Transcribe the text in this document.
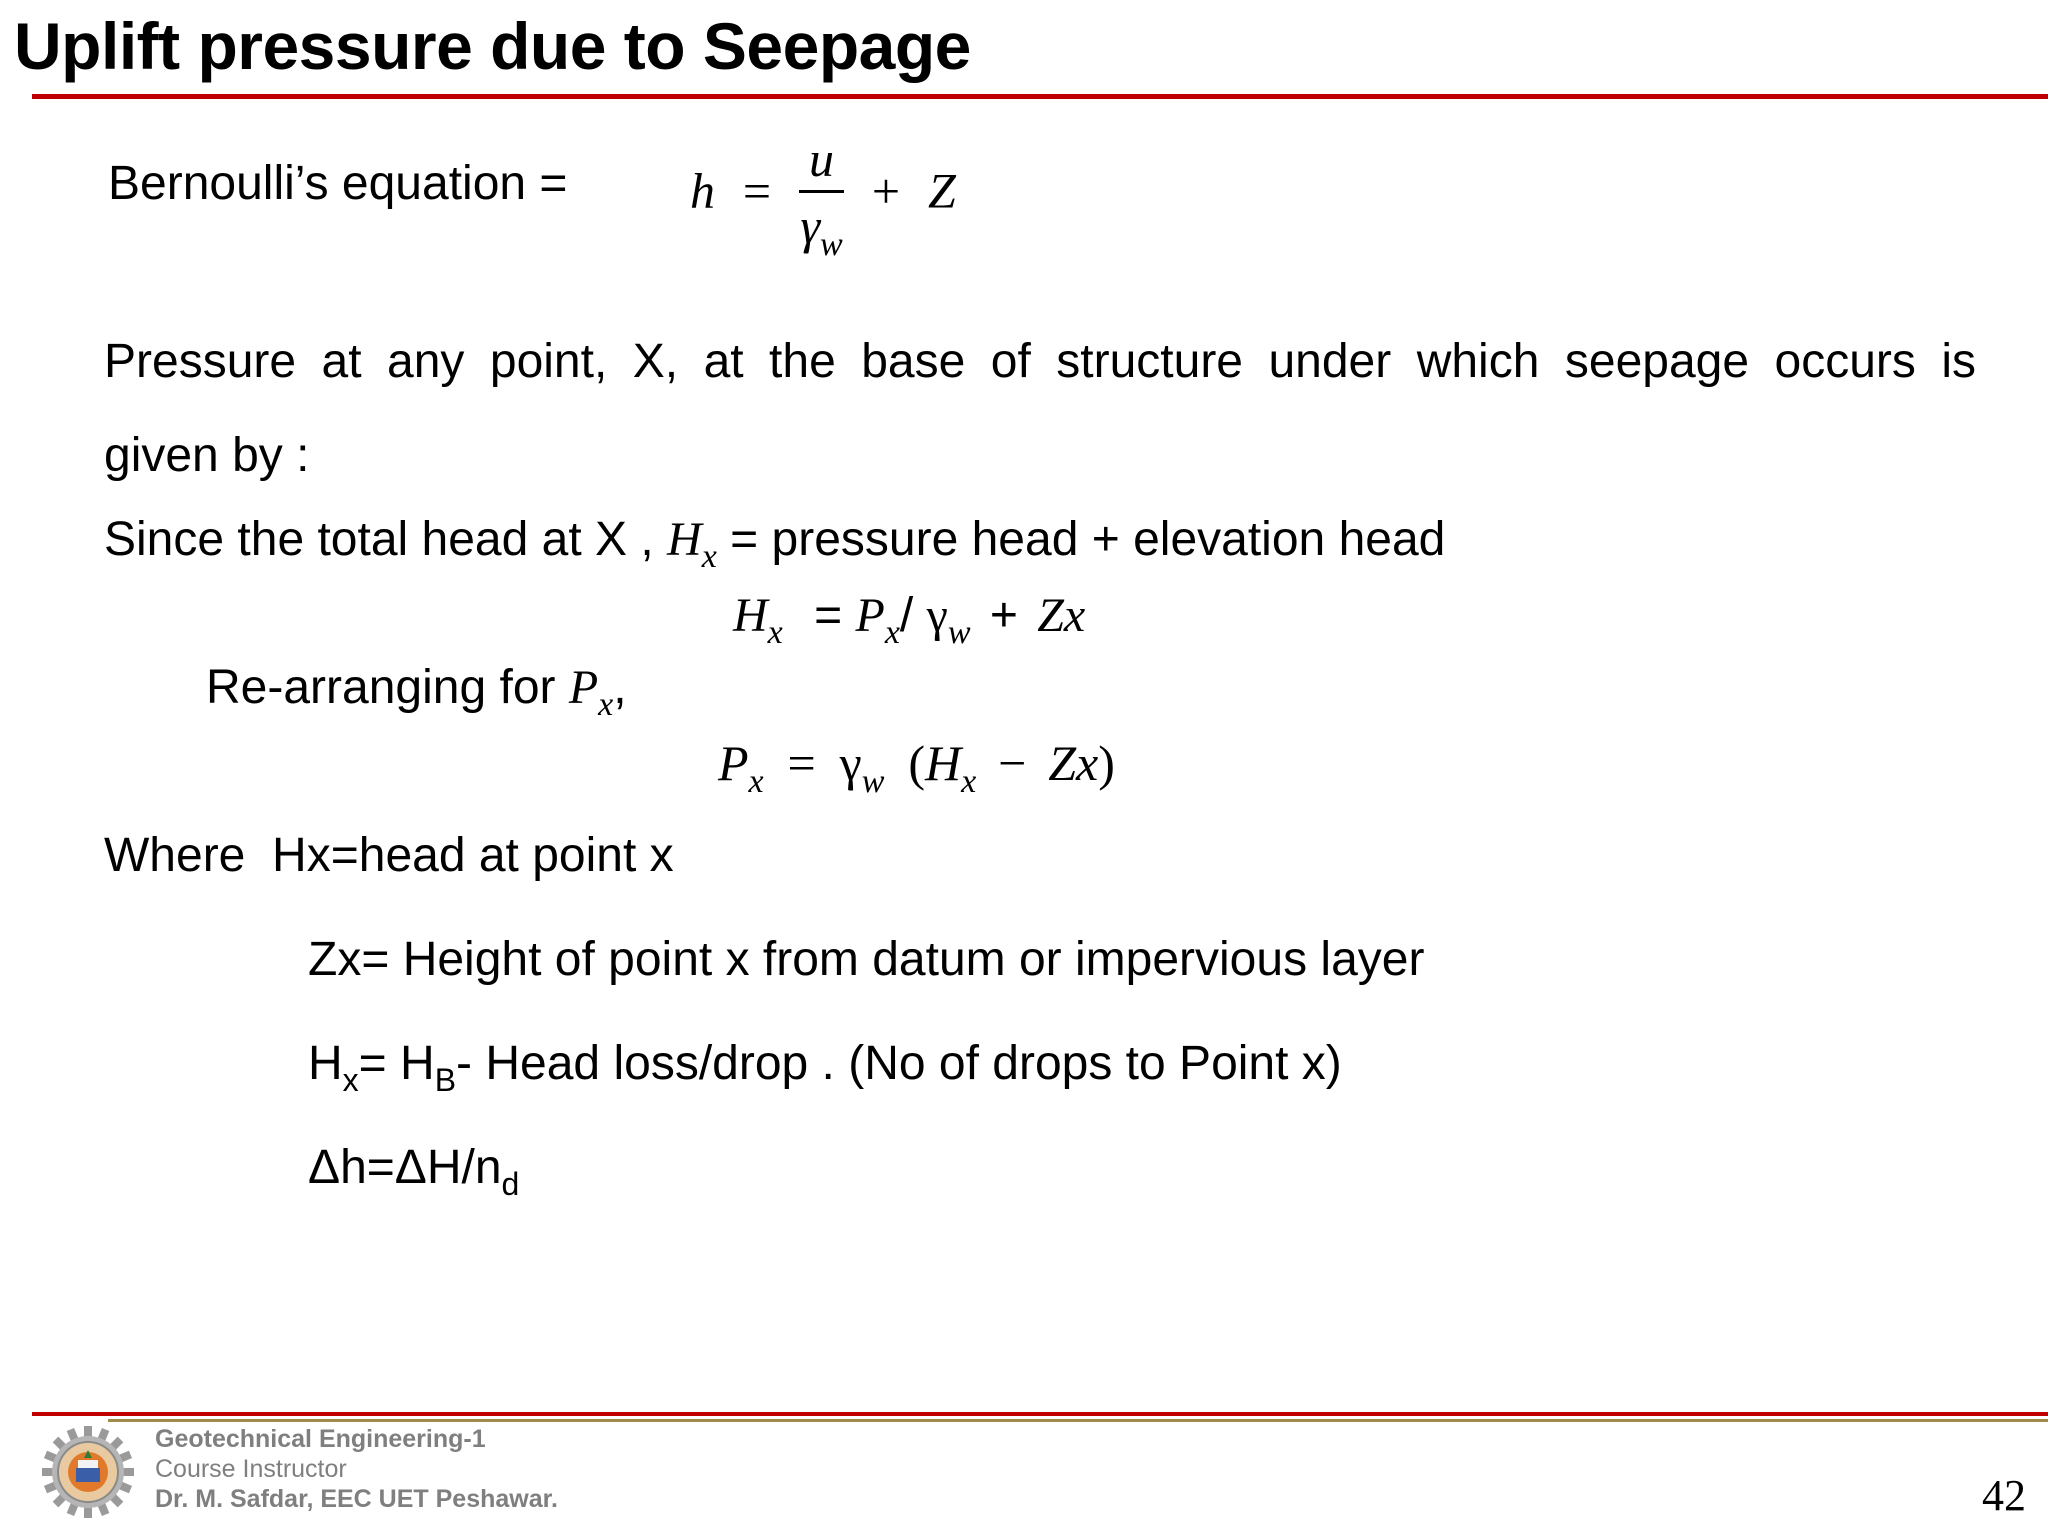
Uplift pressure due to Seepage
Bernoulli’s equation = $h = \frac{u}{\gamma_w} + Z$
Pressure at any point, X, at the base of structure under which seepage occurs is
given by :
Since the total head at X , $H_x$ = pressure head + elevation head
$H_x = P_x/$ $\gamma_w + Zx$
Re-arranging for $P_x$,
$P_x = \gamma_w$ $(H_x - Zx)$
Where  Hx=head at point x
Zx= Height of point x from datum or impervious layer
$H_x= H_B-$ Head loss/drop . (No of drops to Point x)
$\Delta h=\Delta H/n_d$
Geotechnical Engineering-1
Course Instructor
Dr. M. Safdar, EEC UET Peshawar.	42
